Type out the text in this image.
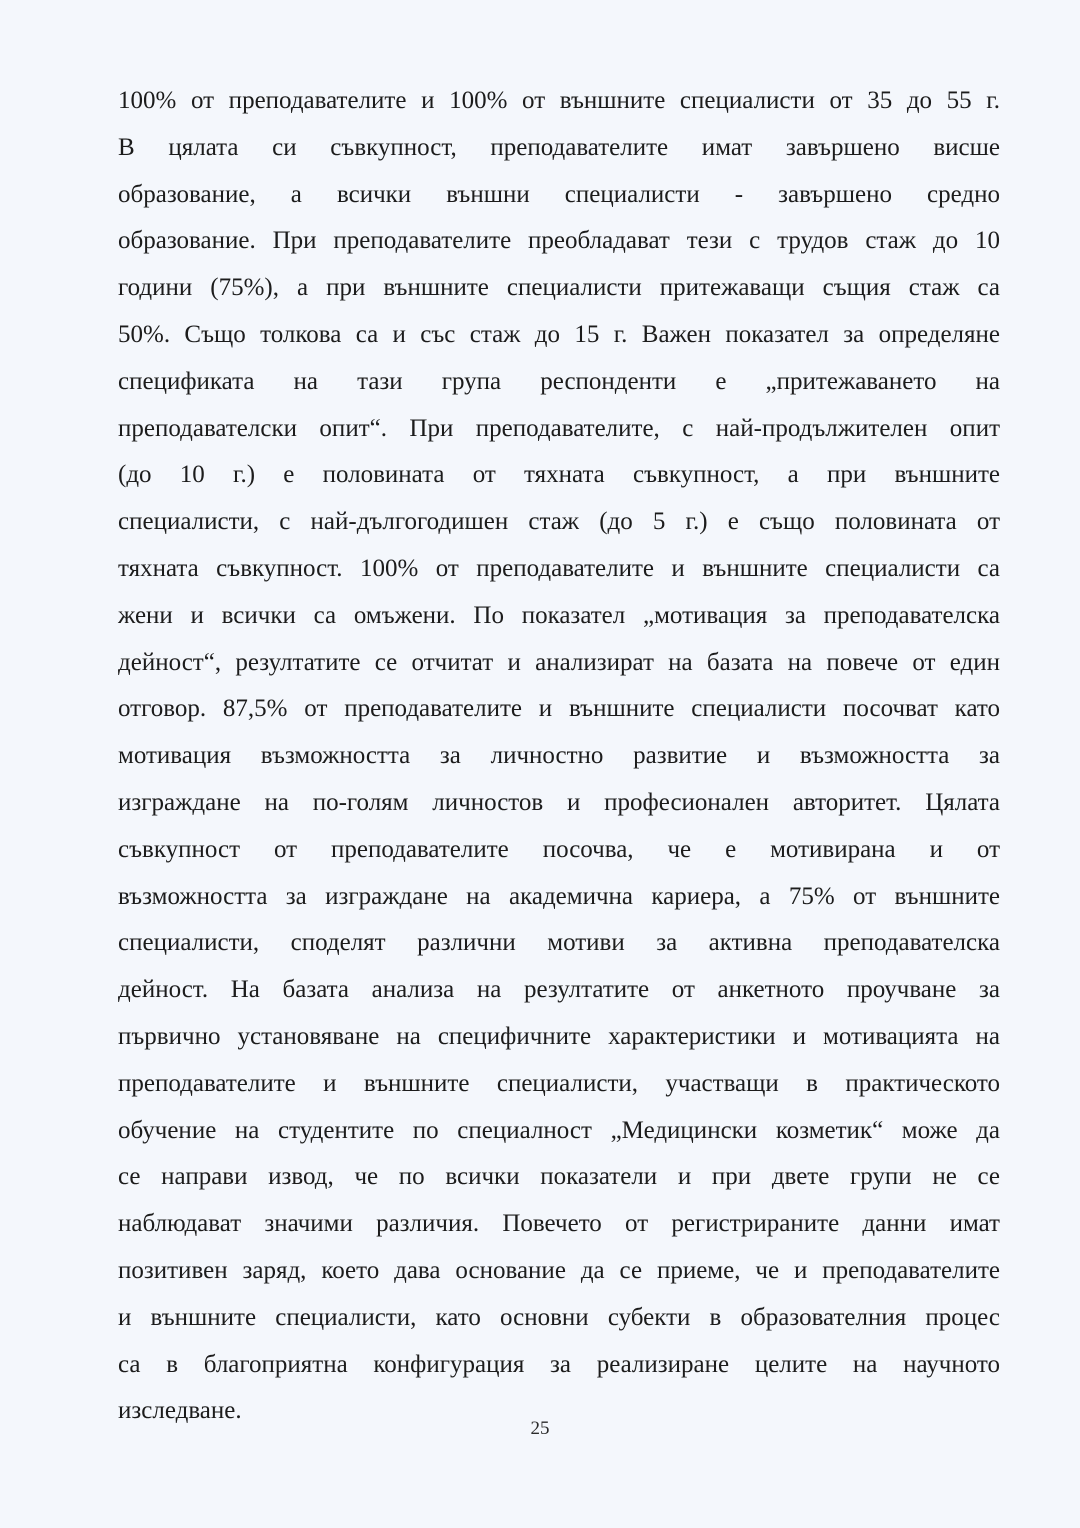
100% от преподавателите и 100% от външните специалисти от 35 до 55 г.
В цялата си съвкупност, преподавателите имат завършено висше
образование, а всички външни специалисти - завършено средно
образование. При преподавателите преобладават тези с трудов стаж до 10
години (75%), а при външните специалисти притежаващи същия стаж са
50%. Също толкова са и със стаж до 15 г. Важен показател за определяне
спецификата на тази група респонденти е „притежаването на
преподавателски опит“. При преподавателите, с най-продължителен опит
(до 10 г.) е половината от тяхната съвкупност, а при външните
специалисти, с най-дългогодишен стаж (до 5 г.) е също половината от
тяхната съвкупност. 100% от преподавателите и външните специалисти са
жени и всички са омъжени. По показател „мотивация за преподавателска
дейност“, резултатите се отчитат и анализират на базата на повече от един
отговор. 87,5% от преподавателите и външните специалисти посочват като
мотивация възможността за личностно развитие и възможността за
изграждане на по-голям личностов и професионален авторитет. Цялата
съвкупност от преподавателите посочва, че е мотивирана и от
възможността за изграждане на академична кариера, а 75% от външните
специалисти, споделят различни мотиви за активна преподавателска
дейност. На базата анализа на резултатите от анкетното проучване за
първично установяване на специфичните характеристики и мотивацията на
преподавателите и външните специалисти, участващи в практическото
обучение на студентите по специалност „Медицински козметик“ може да
се направи извод, че по всички показатели и при двете групи не се
наблюдават значими различия. Повечето от регистрираните данни имат
позитивен заряд, което дава основание да се приеме, че и преподавателите
и външните специалисти, като основни субекти в образователния процес
са в благоприятна конфигурация за реализиране целите на научното
изследване.
25
